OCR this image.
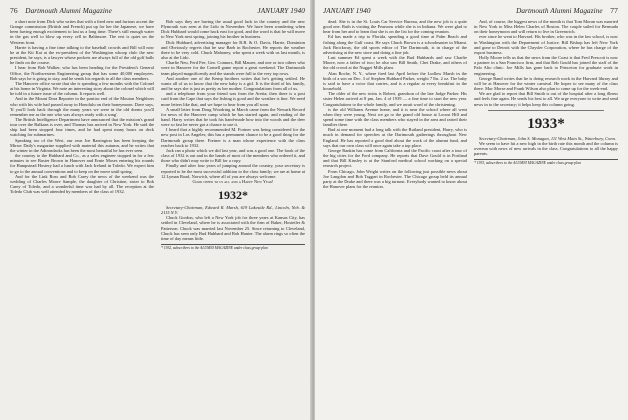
76 Dartmouth Alumni Magazine	JANUARY 1940

a short note from Dick who writes that with a fired new and furious accent the Grange commission (British and French) put up for her the Japanese, we have been having enough excitement to last us a long time. There's still enough water in the gas well to blow up every cell in Baltimore. The rest is quiet on the Western front.

Harrie is having a fine time talking to the baseball crowds and Bill will now be at the Kit Kat at the ex-president of the Washington whoop club: the new president, he says, is a lawyer whose pockets are always full of the old golf balls he finds on the course.

I hear from Bob Walker, who has been heading for the President's General Office, the Northwestern Engineering group that has some 40,000 employees. Bob says he is going to stay, and he sends his regards to all the class members.

The Hanover office wrote that she is spending a few months with the Colonel at his home in Virginia. We note an interesting story about the colonel which will be told in a future issue of the column. It reports well.

And in the Mount Dora Reporter in the pontiac end of the Mouton Neighbors who with his wife had passed away in Honolulu on their honeymoon. Dave says, 'If you'll look back through the many years we were in the old dorms you'll remember me as the one who was always ready with a song'.

The British Intelligence Department have announced that the mission's grand tour over the Balkans is over, and Thomas has arrived in New York. He said the ship had been stopped four times, and he had spent many hours on deck watching for submarines.

Speaking too of the West, our own Joe Barrington has been keeping the Mirror Daily's magazine supplied with material this autumn, and he writes that the winter in the Adirondacks has been the most beautiful he has ever seen.

the country to the Hubbard and Co., as a sales engineer stopped in for a few minutes to see Buster Brown in Hanover and Ernie Moses entering his rounds for Hampstead Hosiery had a lunch with Jack Ireland in Toledo. We expect him to go to the annual conventions and to keep on the move until spring.

And for the Link Ross and Bob Carey the news of the weekend was the wedding of Charles Moore Sample, the daughter of Christine, sister to Bob Carey of Toledo, and a wonderful time was had by all. The reception at the Toledo Club was well attended by members of the class of 1932.

Bob says they are having the usual good luck in the country and the new Plymouth was seen at the Lido in November. We have been wondering when Dick Hubbard would come back east for good, and the word is that he will move to New York next spring, joining his brother in business.

Dick Hubbard, advertising manager for R.B. & O. Davis, Harrie, Dominion and Obviously regrets that he saw Barb in Rochester. He reports the weather there to be very cold. Chuck Mahoney, who spent a week with us last month, is also at the Lido.

Charlie Neu, Ferd Fee, Geo. Connors, Bill Maurer, and one or two others who were in Hanover for the Cornell game report a great weekend. The Dartmouth team played magnificently and the stands were full to the very top rows.

And another one of the Kemp brothers writes that he's getting settled. He wants all of us to know that the new baby is a girl. It is the third of his family, and he says she is just as pretty as her mother. Congratulations from all of us.

and a telephone from your friend was from the Aretta; then there is a post card from the Cape that says the fishing is good and the weather is fine. We need more letters like that, and we hope to hear from you all soon.

A small letter from Doug Woodring in March came from the Newark Record for news of the Hanover camp which he has started again, and reading of the hand. Harry writes that he took his hand-made bow into the woods and the deer were so fast he never got a chance to use it.

I heard that a highly recommended M. Fortner was being considered for the new post in Los Angeles; this has a permanent chance to be a good thing for the Dartmouth group there. Fortner is a man whose experience with the class reaches back to 1932.

Jack ran a photo which we did last year, and was a good one. The book of the class of 1932 is out and in the hands of most of the members who ordered it, and those who didn't may write to Bill for a copy.

Finally and after four years of jumping around the country, your secretary is reported to be the most successful addition to the class family; we are at home at 12 Lyman Road, Norwich, where all of you are always welcome.

Good cheer to us all and a Happy New Year!

1932*

Secretary-Chairman, Edward R. Marsh, 619 Lakeside Rd., Lincoln, Neb. & 2115 N.Y.

Chuck Gordon, who left a New York job for three years at Kansas City, has settled in Cleveland, where he is associated with the firm of Baker, Hostetler & Patterson. Chuck was married last November 25. Since returning to Cleveland, Chuck has seen only Bud Hubbard and Bob Hunter. The alarm rings so often the time of day means little.

* 1932, subscribers to the ALUMNI MAGAZINE under class group plan
JANUARY 1940	Dartmouth Alumni Magazine 77

dead. She is in the St. Louis Car Service Bureau, and the new job is a quite good one. Ruth is visiting the Pearsons while she is in Indiana. We were glad to hear from her and to learn that she is on the list for the coming reunion.

Ed has made a trip to Florida, spending a good time at Palm Beach and fishing along the Gulf coast. He says Chuck Brown is a schoolmaster in Miami. Jack Brockway, the old sports editor of The Dartmouth, is in charge of the advertising at the new store and doing a fine job.

Last summer Ed spent a week with the Bud Hubbards and saw Charlie Moore, now a father of two; he also saw Bill Smith, Chet Drake, and others of the old crowd at the Nugget Mills plant.

Alan Roche, N. Y., where fired last April before the Ludlow Marsh in the birth of a son on Dec. 3 of Stephen Hubbard Parker, weight 7 lbs. 2 oz. The baby is said to have a voice that carries, and is a regular at every breakfast in the household.

The older of the new twins is Robert, grandson of the late Judge Parker. His sister Helen arrived at 8 pm, Jan. 4 of 1939 — a fine time to start the new year. Congratulations to the whole family, and we await word of the christening.

is the old Williams Avenue home, and it is near the school where all went when they were young. Next we go to the grand old house at Locust Hill and spend some time with the class members who stayed in the area and raised their families there.

Bud at one moment had a long talk with the Rutland president, Harry, who is much in demand for speeches at the Dartmouth gatherings throughout New England. He has reported a good deal about the work of the alumni fund, and says that our own class will once again take a top place.

George Rankin has come from California and the Pacific coast after a tour of the big cities for the Ford company. He reports that Dave Gould is in Portland and that Bill Kinsley is at the Stanford medical school working on a special research project.

From Chicago, John Wright writes on the following just possible news about Joe Langdon and Bob Taggart in Rochester. The Chicago group held its annual party at the Drake and there was a big turnout. Everybody wanted to know about the Hanover plans for the reunion.

And, of course, the biggest news of the month is that Tom Moran was married in New York to Miss Helen Charles of Boston. The couple sailed for Bermuda on their honeymoon and will return to live in Greenwich.

ever since he went to Harvard. His brother, who was in the law school, is now in Washington with the Department of Justice. Bill Bishop has left New York and gone to Detroit with the Chrysler Corporation, where he has charge of the export business.

Holly Moore tells us that the news from the Coast is that Fred Prescott is now a partner in a San Francisco firm, and that Bob Gould has joined the staff of the Palo Alto clinic. Joe Mills has gone back to Princeton for graduate work in engineering.

George Rand writes that he is doing research work in the Harvard library and will be at Hanover for the winter carnival. He hopes to see many of the class there. Mac Morse and Frank Wilson also plan to come up for the week-end.

We are glad to report that Bill Smith is out of the hospital after a long illness and feels fine again. He sends his best to all. We urge everyone to write and send news in to the secretary; it helps keep this column going.

1933*

Secretary-Chairman, John S. Monagan, 111 West Main St., Waterbury, Conn.

We seem to have hit a new high in the birth rate this month and the column is overrun with news of new arrivals in the class. Congratulations to all the happy parents.

* 1933, subscribers to the ALUMNI MAGAZINE under class group plan
